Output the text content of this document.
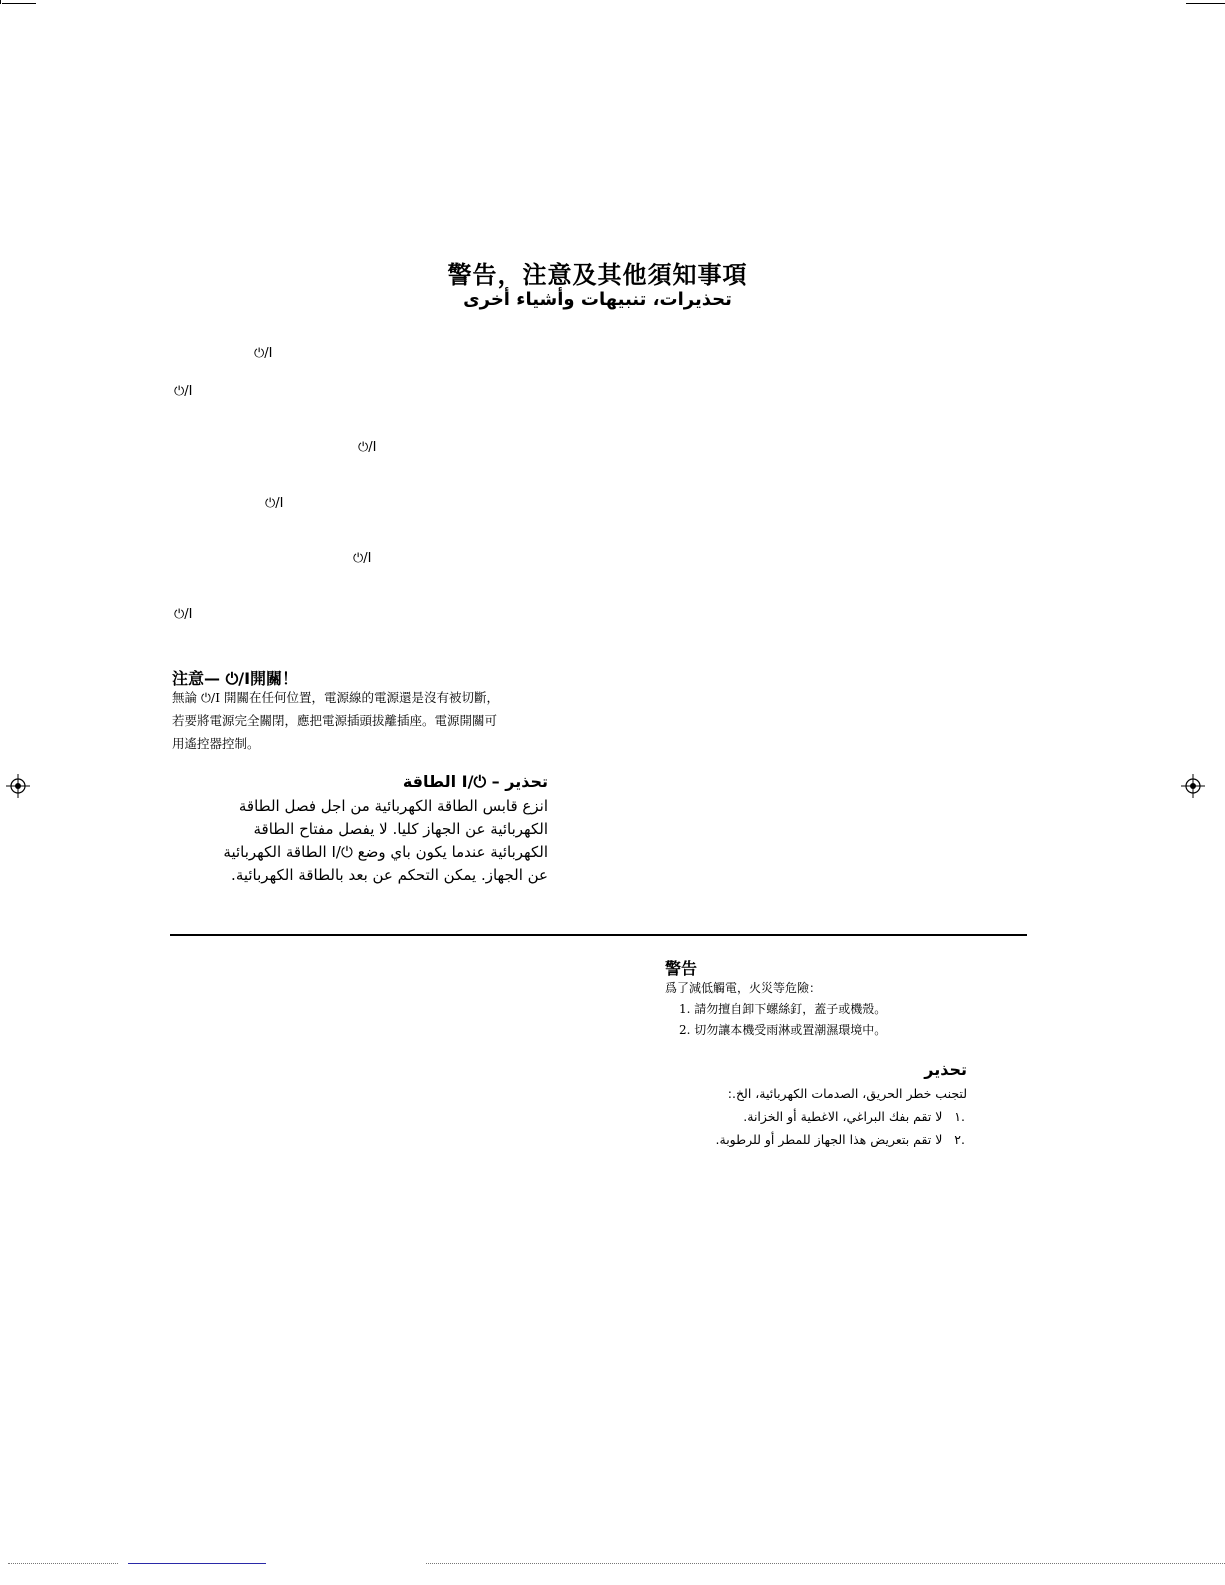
警告，注意及其他須知事項
تحذيرات، تنبيهات وأشياء أخرى
⏻/I
⏻/I
⏻/I
⏻/I
⏻/I
⏻/I
注意— ⏻/I開關！
無論 ⏻/I 開關在任何位置，電源線的電源還是沒有被切斷，
若要將電源完全關閉，應把電源插頭拔離插座。電源開關可
用遙控器控制。
تحذير – ⏻/I الطاقة
انزع قابس الطاقة الكهربائية من اجل فصل الطاقة
الكهربائية عن الجهاز كليا. لا يفصل مفتاح الطاقة
الكهربائية عندما يكون باي وضع ⏻/I الطاقة الكهربائية
عن الجهاز. يمكن التحكم عن بعد بالطاقة الكهربائية.
警告
爲了減低觸電，火災等危險：
1. 請勿擅自卸下螺絲釘，蓋子或機殼。
2. 切勿讓本機受雨淋或置潮濕環境中。
تحذير
لتجنب خطر الحريق، الصدمات الكهربائية، الخ.:
.١   لا تقم بفك البراغي، الاغطية أو الخزانة.
.٢   لا تقم بتعريض هذا الجهاز للمطر أو للرطوبة.
